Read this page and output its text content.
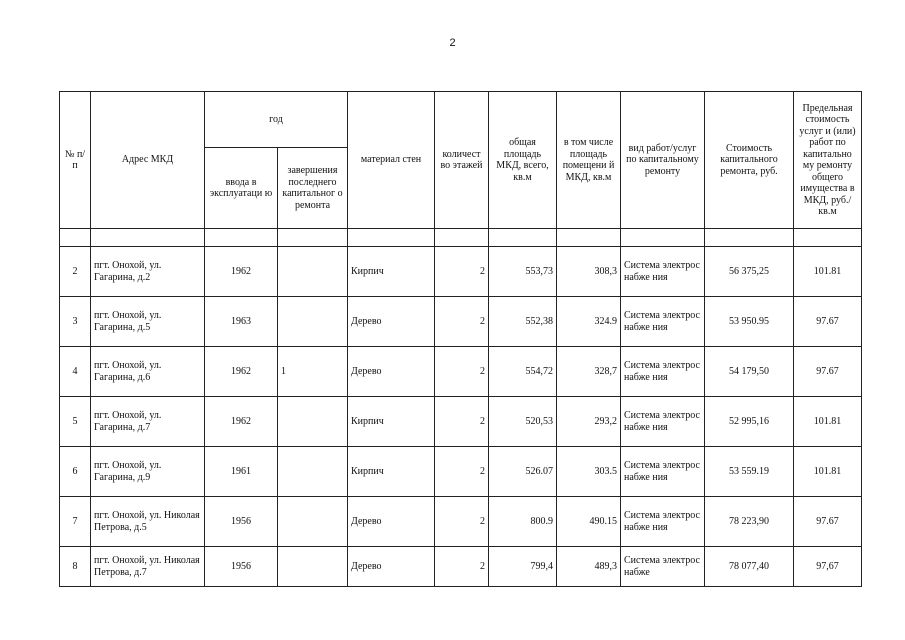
2
№ п/п	Адрес МКД	год		материал стен	количест во этажей	общая площадь МКД, всего, кв.м	в том числе площадь помещени й МКД, кв.м	вид работ/услуг по капитальному ремонту	Стоимость капитального ремонта, руб.	Предельная стоимость услуг и (или) работ по капитально му ремонту общего имущества в МКД, руб./кв.м
		ввода в эксплуатаци ю	завершения последнего капитальног о ремонта							

2	пгт. Онохой, ул. Гагарина, д.2	1962		Кирпич	2	553,73	308,3	Система электроснабже ния	56 375,25	101.81
3	пгт. Онохой, ул. Гагарина, д.5	1963		Дерево	2	552,38	324.9	Система электроснабже ния	53 950.95	97.67
4	пгт. Онохой, ул. Гагарина, д.6	1962	1	Дерево	2	554,72	328,7	Система электроснабже ния	54 179,50	97.67
5	пгт. Онохой, ул. Гагарина, д.7	1962		Кирпич	2	520,53	293,2	Система электроснабже ния	52 995,16	101.81
6	пгт. Онохой, ул. Гагарина, д.9	1961		Кирпич	2	526.07	303.5	Система электроснабже ния	53 559.19	101.81
7	пгт. Онохой, ул. Николая Петрова, д.5	1956		Дерево	2	800.9	490.15	Система электроснабже ния	78 223,90	97.67
8	пгт. Онохой, ул. Николая Петрова, д.7	1956		Дерево	2	799,4	489,3	Система электроснабже	78 077,40	97,67
